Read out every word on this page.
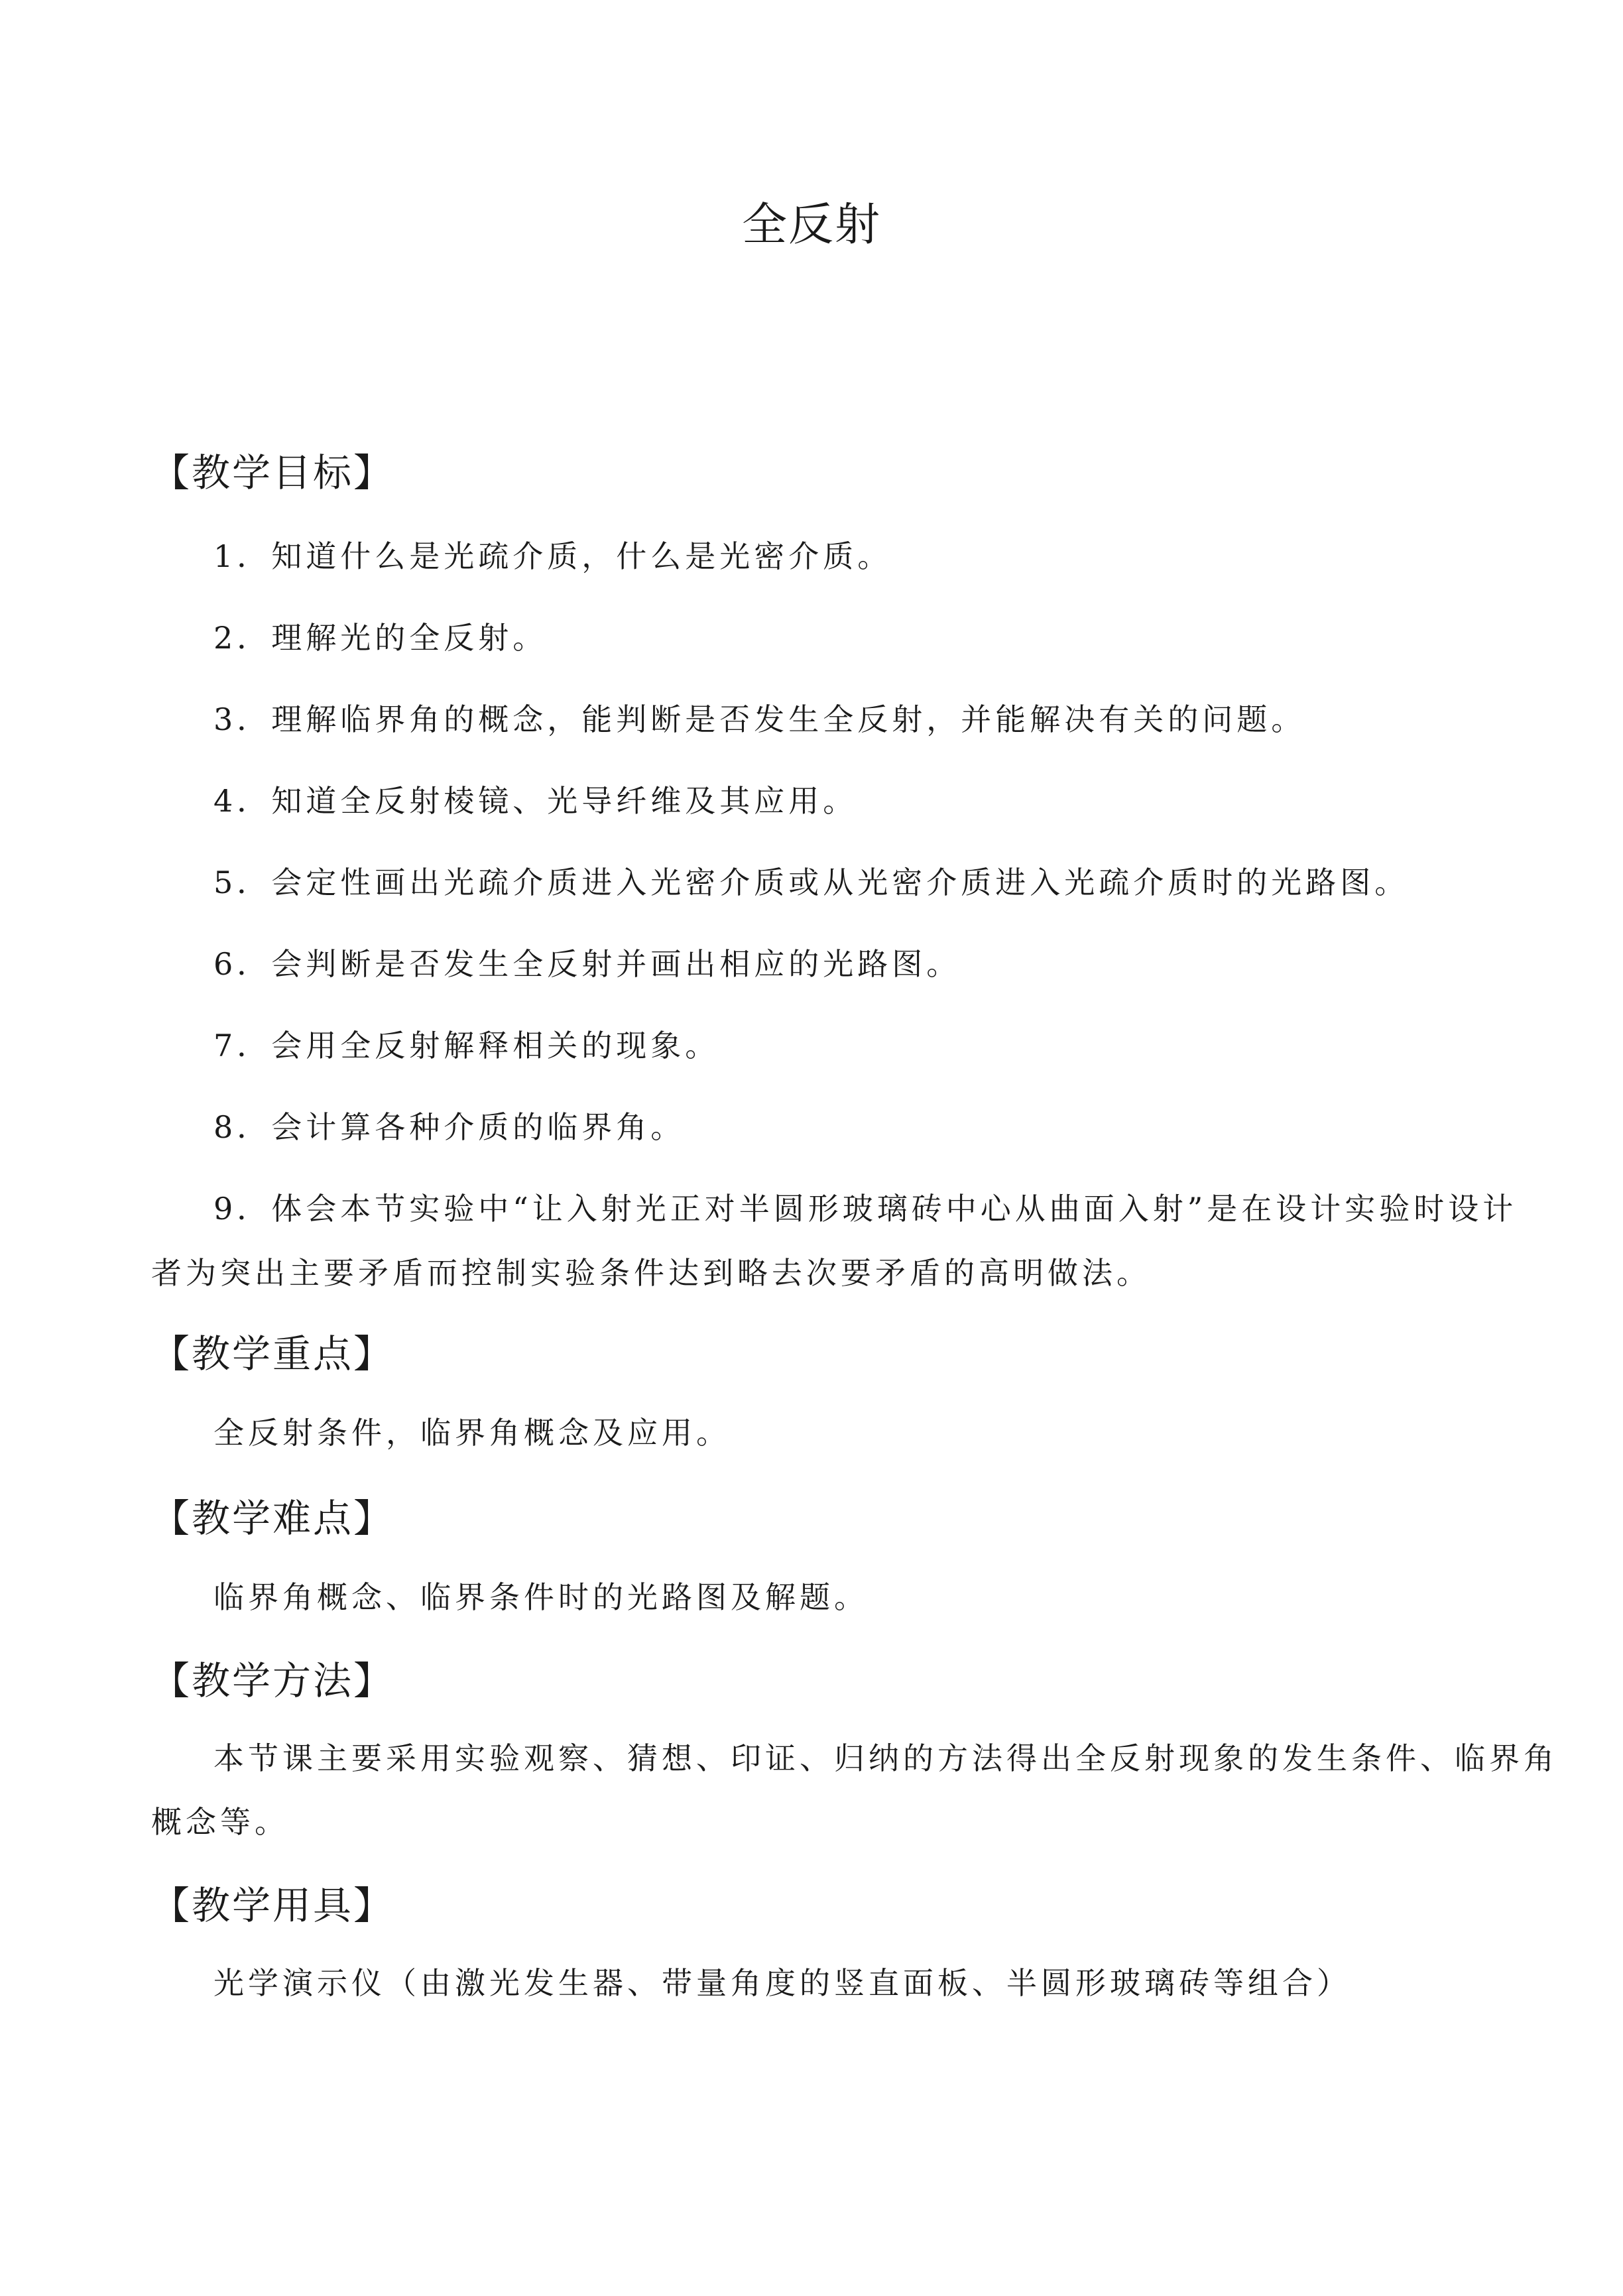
全反射
【教学目标】
1．知道什么是光疏介质，什么是光密介质。
2．理解光的全反射。
3．理解临界角的概念，能判断是否发生全反射，并能解决有关的问题。
4．知道全反射棱镜、光导纤维及其应用。
5．会定性画出光疏介质进入光密介质或从光密介质进入光疏介质时的光路图。
6．会判断是否发生全反射并画出相应的光路图。
7．会用全反射解释相关的现象。
8．会计算各种介质的临界角。
9．体会本节实验中“让入射光正对半圆形玻璃砖中心从曲面入射”是在设计实验时设计
者为突出主要矛盾而控制实验条件达到略去次要矛盾的高明做法。
【教学重点】
全反射条件，临界角概念及应用。
【教学难点】
临界角概念、临界条件时的光路图及解题。
【教学方法】
本节课主要采用实验观察、猜想、印证、归纳的方法得出全反射现象的发生条件、临界角
概念等。
【教学用具】
光学演示仪（由激光发生器、带量角度的竖直面板、半圆形玻璃砖等组合）
